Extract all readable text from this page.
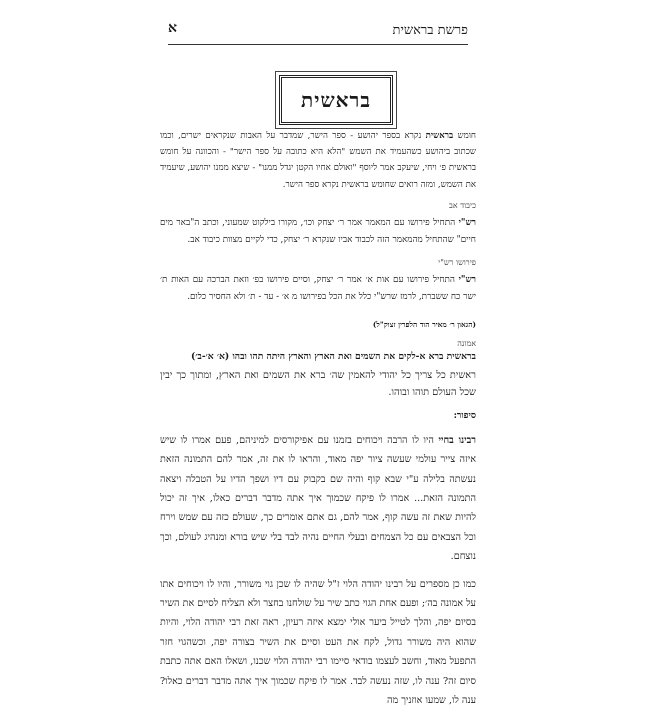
פרשת בראשית
א
בראשית

חומש בראשית נקרא בספר יהושע - ספר הישר, שמדבר על האבות שנקראים ישרים, וכמו שכתוב ביהושע כשהעמיד את השמש "הלא היא כתובה על ספר הישר" - והכוונה על חומש בראשית פ׳ ויחי, שיעקב אמר ליוסף "ואולם אחיו הקטן יגדל ממנו" - שיצא ממנו יהושע, שיעמיד את השמש, ומזה רואים שחומש בראשית נקרא ספר הישר.

כיבוד אב

רש"י התחיל פירושו עם המאמר אמר ר׳ יצחק וכו׳, מקורו בילקוט שמעוני, וכתב ה"באר מים חיים" שהתחיל מהמאמר הזה לכבוד אביו שנקרא ר׳ יצחק, כדי לקיים מצוות כיבוד אב.

פירושו רש"י

רש"י התחיל פירושו עם אות א׳ אמר ר׳ יצחק, וסיים פירושו בפ׳ וזאת הברכה עם האות ת׳ ישר כח ששברת, לרמז שרש"י כלל את הכל בפירושו מ א׳ - עד - ת׳ ולא החסיר כלום.

(הגאון ר׳ מאיר הוד הלפרין זצוק"ל)

אמונה

בראשית ברא א-לקים את השמים ואת הארץ והארץ היתה תהו ובהו (א׳ א׳-ב׳)

ראשית כל צריך כל יהודי להאמין שה׳ ברא את השמים ואת הארץ, ומתוך כך יבין שכל העולם תוהו ובוהו.

סיפור:

רבינו בחיי היו לו הרבה ויכוחים בזמנו עם אפיקורסים למיניהם, פעם אמרו לו שיש איזה צייר עולמי שעשה ציור יפה מאוד, והראו לו את זה, אמר להם התמונה הזאת נעשתה בלילה ע"י שבא קוף והיה שם בקבוק עם דיו ושפך הדיו על הטבלה ויצאה התמונה הזאת... אמרו לו פיקח שכמוך איך אתה מדבר דברים כאלו, איך זה יכול להיות שאת זה עשה קוף, אמר להם, גם אתם אומרים כך, שעולם כזה עם שמש וירח וכל הצבאים עם כל הצמחים ובעלי החיים נהיה לבד בלי שיש בורא ומנהיג לעולם, וכך נוצחם.

כמו כן מספרים על רבינו יהודה הלוי ז"ל שהיה לו שכן גוי משורר, והיו לו ויכוחים אתו על אמונה בה׳; ופעם אחת הגוי כתב שיר על שולחנו בחצר ולא הצליח לסיים את השיר בסיום יפה, והלך לטייל ביער אולי ימצא איזה רעיון, ראה זאת רבי יהודה הלוי, והיות שהוא היה משורר גדול, לקח את העט וסיים את השיר בצורה יפה, וכשהגוי חזר התפעל מאוד, וחשב לעצמו בודאי סיימו רבי יהודה הלוי שכנו, ושאלו האם אתה כתבת סיום זה? ענה לו, שזה נעשה לבד. אמר לו פיקח שכמוך איך אתה מדבר דברים כאלו? ענה לו, שמעו אוזניך מה
